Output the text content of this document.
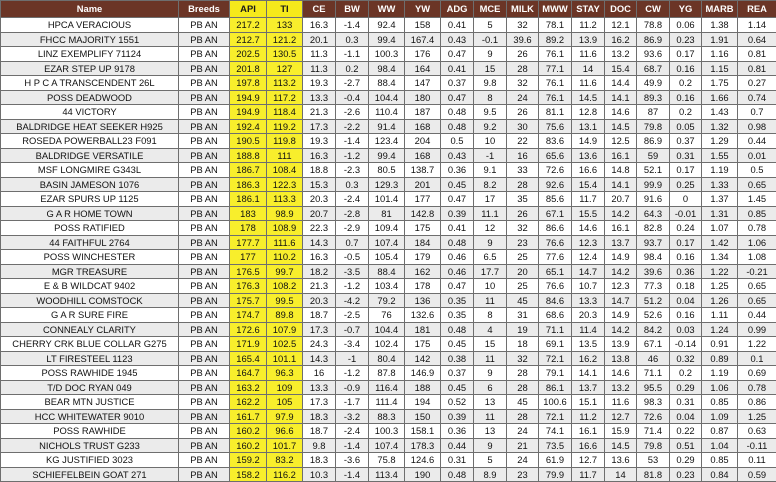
Name	Breeds	API	TI	CE	BW	WW	YW	ADG	MCE	MILK	MWW	STAY	DOC	CW	YG	MARB	REA
HPCA VERACIOUS	PB AN	217.2	133	16.3	-1.4	92.4	158	0.41	5	32	78.1	11.2	12.1	78.8	0.06	1.38	1.14
FHCC MAJORITY 1551	PB AN	212.7	121.2	20.1	0.3	99.4	167.4	0.43	-0.1	39.6	89.2	13.9	16.2	86.9	0.23	1.91	0.64
LINZ EXEMPLIFY 71124	PB AN	202.5	130.5	11.3	-1.1	100.3	176	0.47	9	26	76.1	11.6	13.2	93.6	0.17	1.16	0.81
EZAR STEP UP 9178	PB AN	201.8	127	11.3	0.2	98.4	164	0.41	15	28	77.1	14	15.4	68.7	0.16	1.15	0.81
H P C A TRANSCENDENT 26L	PB AN	197.8	113.2	19.3	-2.7	88.4	147	0.37	9.8	32	76.1	11.6	14.4	49.9	0.2	1.75	0.27
POSS DEADWOOD	PB AN	194.9	117.2	13.3	-0.4	104.4	180	0.47	8	24	76.1	14.5	14.1	89.3	0.16	1.66	0.74
44 VICTORY	PB AN	194.9	118.4	21.3	-2.6	110.4	187	0.48	9.5	26	81.1	12.8	14.6	87	0.2	1.43	0.7
BALDRIDGE HEAT SEEKER H925	PB AN	192.4	119.2	17.3	-2.2	91.4	168	0.48	9.2	30	75.6	13.1	14.5	79.8	0.05	1.32	0.98
ROSEDA POWERBALL23 F091	PB AN	190.5	119.8	19.3	-1.4	123.4	204	0.5	10	22	83.6	14.9	12.5	86.9	0.37	1.29	0.44
BALDRIDGE VERSATILE	PB AN	188.8	111	16.3	-1.2	99.4	168	0.43	-1	16	65.6	13.6	16.1	59	0.31	1.55	0.01
MSF LONGMIRE G343L	PB AN	186.7	108.4	18.8	-2.3	80.5	138.7	0.36	9.1	33	72.6	16.6	14.8	52.1	0.17	1.19	0.5
BASIN JAMESON 1076	PB AN	186.3	122.3	15.3	0.3	129.3	201	0.45	8.2	28	92.6	15.4	14.1	99.9	0.25	1.33	0.65
EZAR SPURS UP 1125	PB AN	186.1	113.3	20.3	-2.4	101.4	177	0.47	17	35	85.6	11.7	20.7	91.6	0	1.37	1.45
G A R HOME TOWN	PB AN	183	98.9	20.7	-2.8	81	142.8	0.39	11.1	26	67.1	15.5	14.2	64.3	-0.01	1.31	0.85
POSS RATIFIED	PB AN	178	108.9	22.3	-2.9	109.4	175	0.41	12	32	86.6	14.6	16.1	82.8	0.24	1.07	0.78
44 FAITHFUL 2764	PB AN	177.7	111.6	14.3	0.7	107.4	184	0.48	9	23	76.6	12.3	13.7	93.7	0.17	1.42	1.06
POSS WINCHESTER	PB AN	177	110.2	16.3	-0.5	105.4	179	0.46	6.5	25	77.6	12.4	14.9	98.4	0.16	1.34	1.08
MGR TREASURE	PB AN	176.5	99.7	18.2	-3.5	88.4	162	0.46	17.7	20	65.1	14.7	14.2	39.6	0.36	1.22	-0.21
E & B WILDCAT 9402	PB AN	176.3	108.2	21.3	-1.2	103.4	178	0.47	10	25	76.6	10.7	12.3	77.3	0.18	1.25	0.65
WOODHILL COMSTOCK	PB AN	175.7	99.5	20.3	-4.2	79.2	136	0.35	11	45	84.6	13.3	14.7	51.2	0.04	1.26	0.65
G A R SURE FIRE	PB AN	174.7	89.8	18.7	-2.5	76	132.6	0.35	8	31	68.6	20.3	14.9	52.6	0.16	1.11	0.44
CONNEALY CLARITY	PB AN	172.6	107.9	17.3	-0.7	104.4	181	0.48	4	19	71.1	11.4	14.2	84.2	0.03	1.24	0.99
CHERRY CRK BLUE COLLAR G275	PB AN	171.9	102.5	24.3	-3.4	102.4	175	0.45	15	18	69.1	13.5	13.9	67.1	-0.14	0.91	1.22
LT FIRESTEEL 1123	PB AN	165.4	101.1	14.3	-1	80.4	142	0.38	11	32	72.1	16.2	13.8	46	0.32	0.89	0.1
POSS RAWHIDE 1945	PB AN	164.7	96.3	16	-1.2	87.8	146.9	0.37	9	28	79.1	14.1	14.6	71.1	0.2	1.19	0.69
T/D DOC RYAN 049	PB AN	163.2	109	13.3	-0.9	116.4	188	0.45	6	28	86.1	13.7	13.2	95.5	0.29	1.06	0.78
BEAR MTN JUSTICE	PB AN	162.2	105	17.3	-1.7	111.4	194	0.52	13	45	100.6	15.1	11.6	98.3	0.31	0.85	0.86
HCC WHITEWATER 9010	PB AN	161.7	97.9	18.3	-3.2	88.3	150	0.39	11	28	72.1	11.2	12.7	72.6	0.04	1.09	1.25
POSS RAWHIDE	PB AN	160.2	96.6	18.7	-2.4	100.3	158.1	0.36	13	24	74.1	16.1	15.9	71.4	0.22	0.87	0.63
NICHOLS TRUST G233	PB AN	160.2	101.7	9.8	-1.4	107.4	178.3	0.44	9	21	73.5	16.6	14.5	79.8	0.51	1.04	-0.11
KG JUSTIFIED 3023	PB AN	159.2	83.2	18.3	-3.6	75.8	124.6	0.31	5	24	61.9	12.7	13.6	53	0.29	0.85	0.11
SCHIEFELBEIN GOAT 271	PB AN	158.2	116.2	10.3	-1.4	113.4	190	0.48	8.9	23	79.9	11.7	14	81.8	0.23	0.84	0.59
